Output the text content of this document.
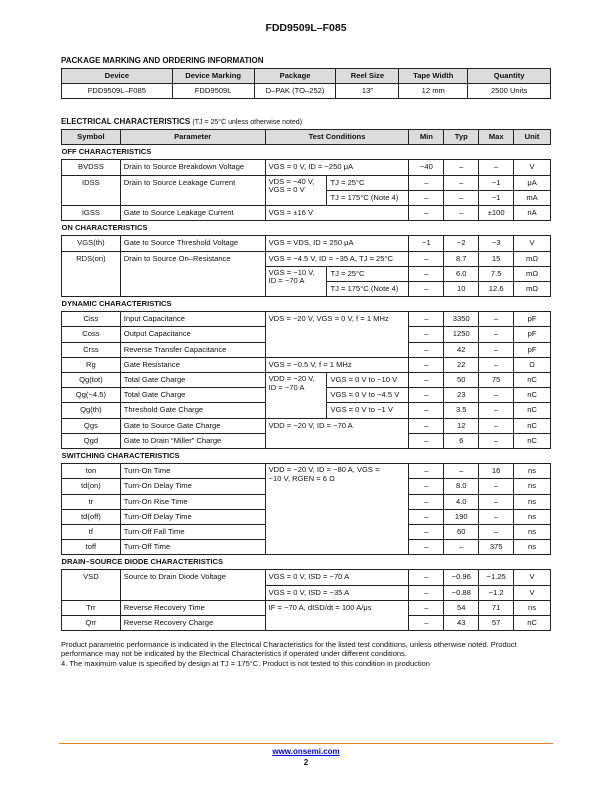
FDD9509L–F085
PACKAGE MARKING AND ORDERING INFORMATION
Device	Device Marking	Package	Reel Size	Tape Width	Quantity
FDD9509L–F085	FDD9509L	D–PAK (TO–252)	13″	12 mm	2500 Units
ELECTRICAL CHARACTERISTICS (TJ = 25°C unless otherwise noted)
Symbol	Parameter	Test Conditions		Min	Typ	Max	Unit
OFF CHARACTERISTICS							
BVDSS	Drain to Source Breakdown Voltage	VGS = 0 V, ID = −250 μA		−40	–	–	V
IDSS	Drain to Source Leakage Current	VDS = −40 V, VGS = 0 V	TJ = 25°C	–	–	−1	μA
			TJ = 175°C (Note 4)	–	–	−1	mA
IGSS	Gate to Source Leakage Current	VGS = ±16 V		–	–	±100	nA
ON CHARACTERISTICS							
VGS(th)	Gate to Source Threshold Voltage	VGS = VDS, ID = 250 μA		−1	−2	−3	V
RDS(on)	Drain to Source On–Resistance	VGS = −4.5 V, ID = −35 A, TJ = 25°C		–	8.7	15	mΩ
		VGS = −10 V, ID = −70 A	TJ = 25°C	–	6.0	7.5	mΩ
			TJ = 175°C (Note 4)	–	10	12.6	mΩ
DYNAMIC CHARACTERISTICS							
Ciss	Input Capacitance	VDS = −20 V, VGS = 0 V, f = 1 MHz		–	3350	–	pF
Coss	Output Capacitance			–	1250	–	pF
Crss	Reverse Transfer Capacitance			–	42	–	pF
Rg	Gate Resistance	VGS = −0.5 V, f = 1 MHz		–	22	–	Ω
Qg(tot)	Total Gate Charge	VDD = −20 V, ID = −70 A	VGS = 0 V to −10 V	–	50	75	nC
Qg(−4.5)	Total Gate Charge		VGS = 0 V to −4.5 V	–	23	–	nC
Qg(th)	Threshold Gate Charge		VGS = 0 V to −1 V	–	3.5	–	nC
Qgs	Gate to Source Gate Charge	VDD = −20 V, ID = −70 A		–	12	–	nC
Qgd	Gate to Drain “Miller” Charge			–	6	–	nC
SWITCHING CHARACTERISTICS							
ton	Turn-On Time	VDD = −20 V, ID = −80 A, VGS = −10 V, RGEN = 6 Ω		–	–	16	ns
td(on)	Turn-On Delay Time			–	8.0	–	ns
tr	Turn-On Rise Time			–	4.0	–	ns
td(off)	Turn-Off Delay Time			–	190	–	ns
tf	Turn-Off Fall Time			–	60	–	ns
toff	Turn-Off Time			–	–	375	ns
DRAIN–SOURCE DIODE CHARACTERISTICS							
VSD	Source to Drain Diode Voltage	VGS = 0 V, ISD = −70 A		–	−0.96	−1.25	V
		VGS = 0 V, ISD = −35 A		–	−0.88	−1.2	V
Trr	Reverse Recovery Time	IF = −70 A, dISD/dt = 100 A/μs		–	54	71	ns
Qrr	Reverse Recovery Charge			–	43	57	nC
Product parametric performance is indicated in the Electrical Characteristics for the listed test conditions, unless otherwise noted. Product performance may not be indicated by the Electrical Characteristics if operated under different conditions.
4. The maximum value is specified by design at TJ = 175°C. Product is not tested to this condition in production
www.onsemi.com
2
